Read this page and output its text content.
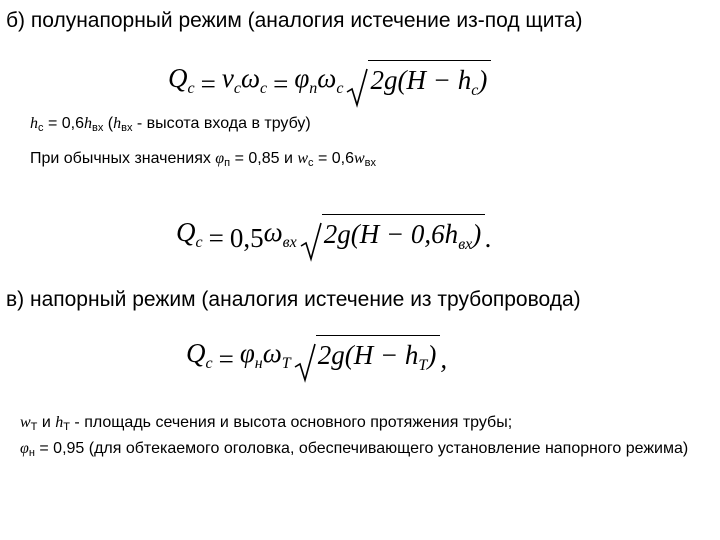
б) полунапорный режим (аналогия истечение из-под щита)
$Q_c = \nu_c$ $\omega_c = \varphi_n$ $\omega_c$ $2g(H - h_c)$
$h_c = 0,6h_{вх}$ ($h_{вх}$ - высота входа в трубу)
При обычных значениях $\varphi_п = 0,85$ и $w_c = 0,6w_{вх}$
$Q_c = 0,5$ $\omega_{вх}$ $2g(H - 0,6h_{вх})$ .
в) напорный режим (аналогия истечение из трубопровода)
$Q_c = \varphi_н$ $\omega_T$ $2g(H - h_T)$ ,
$w_T$ и $h_T$ - площадь сечения и высота основного протяжения трубы;
$\varphi_н = 0,95$ (для обтекаемого оголовка, обеспечивающего установление напорного режима)
